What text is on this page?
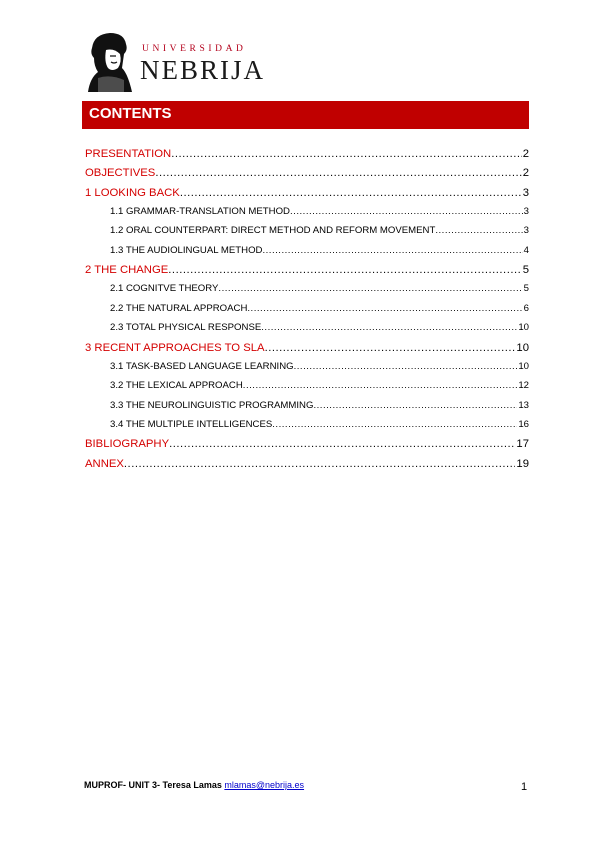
UNIVERSIDAD
NEBRIJA
CONTENTS
PRESENTATION .....	2
OBJECTIVES .....	2
1 LOOKING BACK .....	3
1.1 GRAMMAR-TRANSLATION METHOD .....	3
1.2 ORAL COUNTERPART: DIRECT METHOD AND REFORM MOVEMENT .....	3
1.3 THE AUDIOLINGUAL METHOD .....	4
2 THE CHANGE .....	5
2.1 COGNITVE THEORY .....	5
2.2 THE NATURAL APPROACH .....	6
2.3 TOTAL PHYSICAL RESPONSE .....	10
3 RECENT APPROACHES TO SLA .....	10
3.1 TASK-BASED LANGUAGE LEARNING .....	10
3.2 THE LEXICAL APPROACH .....	12
3.3 THE NEUROLINGUISTIC PROGRAMMING .....	13
3.4 THE MULTIPLE INTELLIGENCES .....	16
BIBLIOGRAPHY .....	17
ANNEX .....	19
MUPROF- UNIT 3- Teresa Lamas mlamas@nebrija.es	1
